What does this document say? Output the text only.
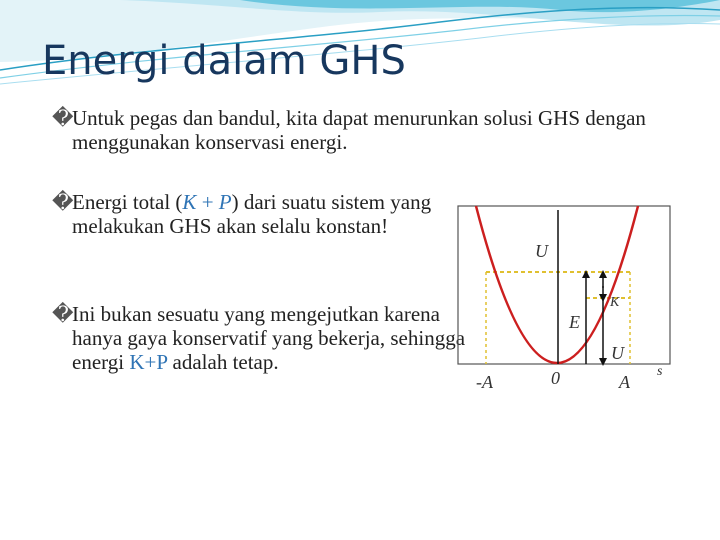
Energi dalam GHS
�Untuk pegas dan bandul, kita dapat menurunkan solusi GHS dengan menggunakan konservasi energi.
�Energi total (K + P) dari suatu sistem yang melakukan GHS akan selalu konstan!
�Ini bukan sesuatu yang mengejutkan karena hanya gaya konservatif yang bekerja, sehingga energi K+P adalah tetap.
U
E
K
U
-A	0	A
s
